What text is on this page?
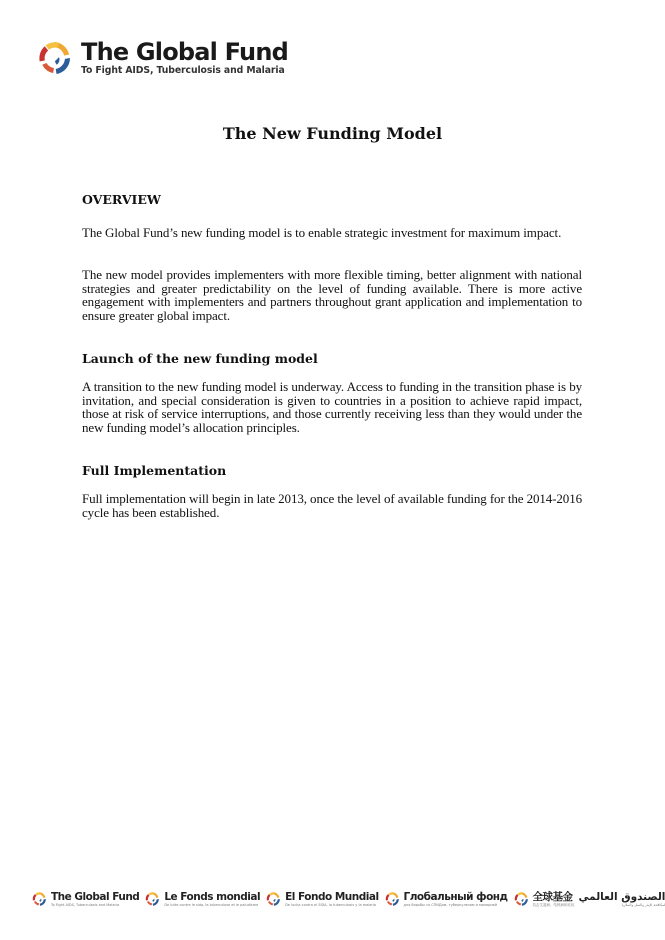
The Global Fund
To Fight AIDS, Tuberculosis and Malaria
The New Funding Model
OVERVIEW

The Global Fund’s new funding model is to enable strategic investment for maximum impact.

The new model provides implementers with more flexible timing, better alignment with national strategies and greater predictability on the level of funding available. There is more active engagement with implementers and partners throughout grant application and implementation to ensure greater global impact.

Launch of the new funding model

A transition to the new funding model is underway. Access to funding in the transition phase is by invitation, and special consideration is given to countries in a position to achieve rapid impact, those at risk of service interruptions, and those currently receiving less than they would under the new funding model’s allocation principles.

Full Implementation

Full implementation will begin in late 2013, once the level of available funding for the 2014-2016 cycle has been established.

The Global Fund
To Fight AIDS, Tuberculosis and Malaria
Le Fonds mondial
De lutte contre le sida, la tuberculose et le paludisme
El Fondo Mundial
De lucha contra el SIDA, la tuberculosis y la malaria
Глобальный фонд
для борьбы со СПИДом, туберкулезом и малярией
全球基金
抗击艾滋病、结核病和疟疾
الصندوق العالمي
لمكافحة الإيدز والسل والملاريا
